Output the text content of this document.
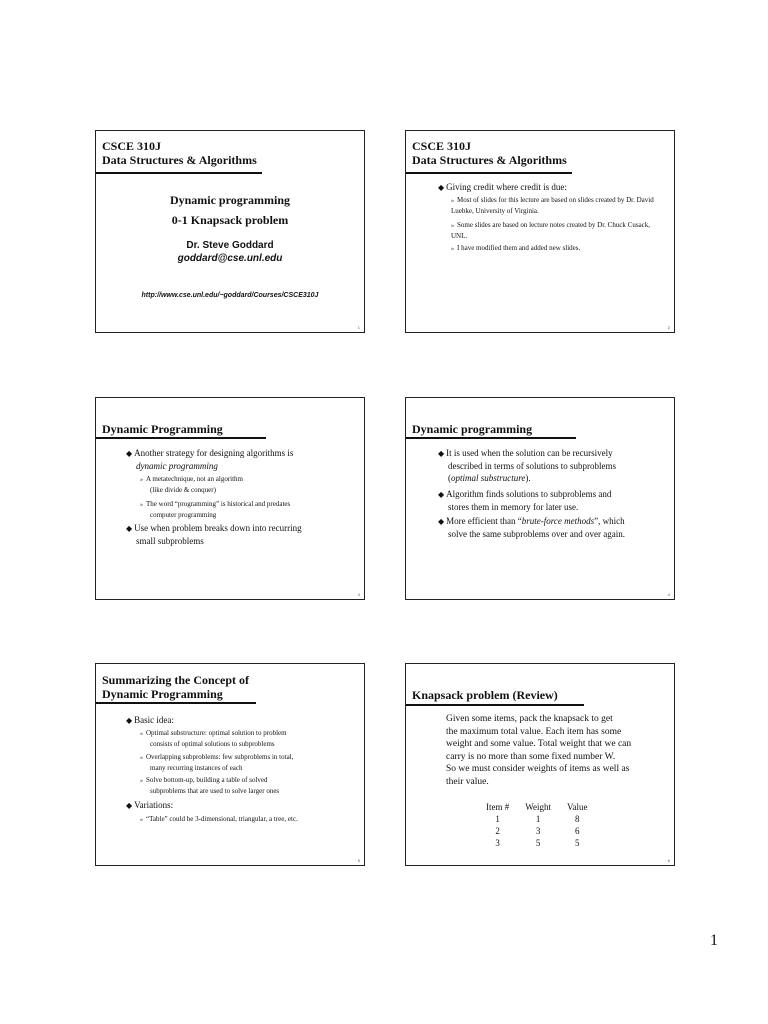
CSCE 310J
Data Structures & Algorithms
Dynamic programming
0-1 Knapsack problem
Dr. Steve Goddard
goddard@cse.unl.edu
http://www.cse.unl.edu/~goddard/Courses/CSCE310J
1
CSCE 310J
Data Structures & Algorithms
◆ Giving credit where credit is due:
» Most of slides for this lecture are based on slides created by Dr. David Luebke, University of Virginia.
» Some slides are based on lecture notes created by Dr. Chuck Cusack, UNL.
» I have modified them and added new slides.
2
Dynamic Programming
◆ Another strategy for designing algorithms is
dynamic programming
» A metatechnique, not an algorithm
(like divide & conquer)
» The word “programming” is historical and predates
computer programming
◆ Use when problem breaks down into recurring
small subproblems
3
Dynamic programming
◆ It is used when the solution can be recursively
described in terms of solutions to subproblems
(optimal substructure).
◆ Algorithm finds solutions to subproblems and
stores them in memory for later use.
◆ More efficient than “brute-force methods”, which
solve the same subproblems over and over again.
4
Summarizing the Concept of
Dynamic Programming
◆ Basic idea:
» Optimal substructure: optimal solution to problem
consists of optimal solutions to subproblems
» Overlapping subproblems: few subproblems in total,
many recurring instances of each
» Solve bottom-up, building a table of solved
subproblems that are used to solve larger ones
◆ Variations:
» “Table” could be 3-dimensional, triangular, a tree, etc.
5
Knapsack problem (Review)
Given some items, pack the knapsack to get
the maximum total value. Each item has some
weight and some value. Total weight that we can
carry is no more than some fixed number W.
So we must consider weights of items as well as
their value.
Item #	Weight	Value
1	1	8
2	3	6
3	5	5
6
1
